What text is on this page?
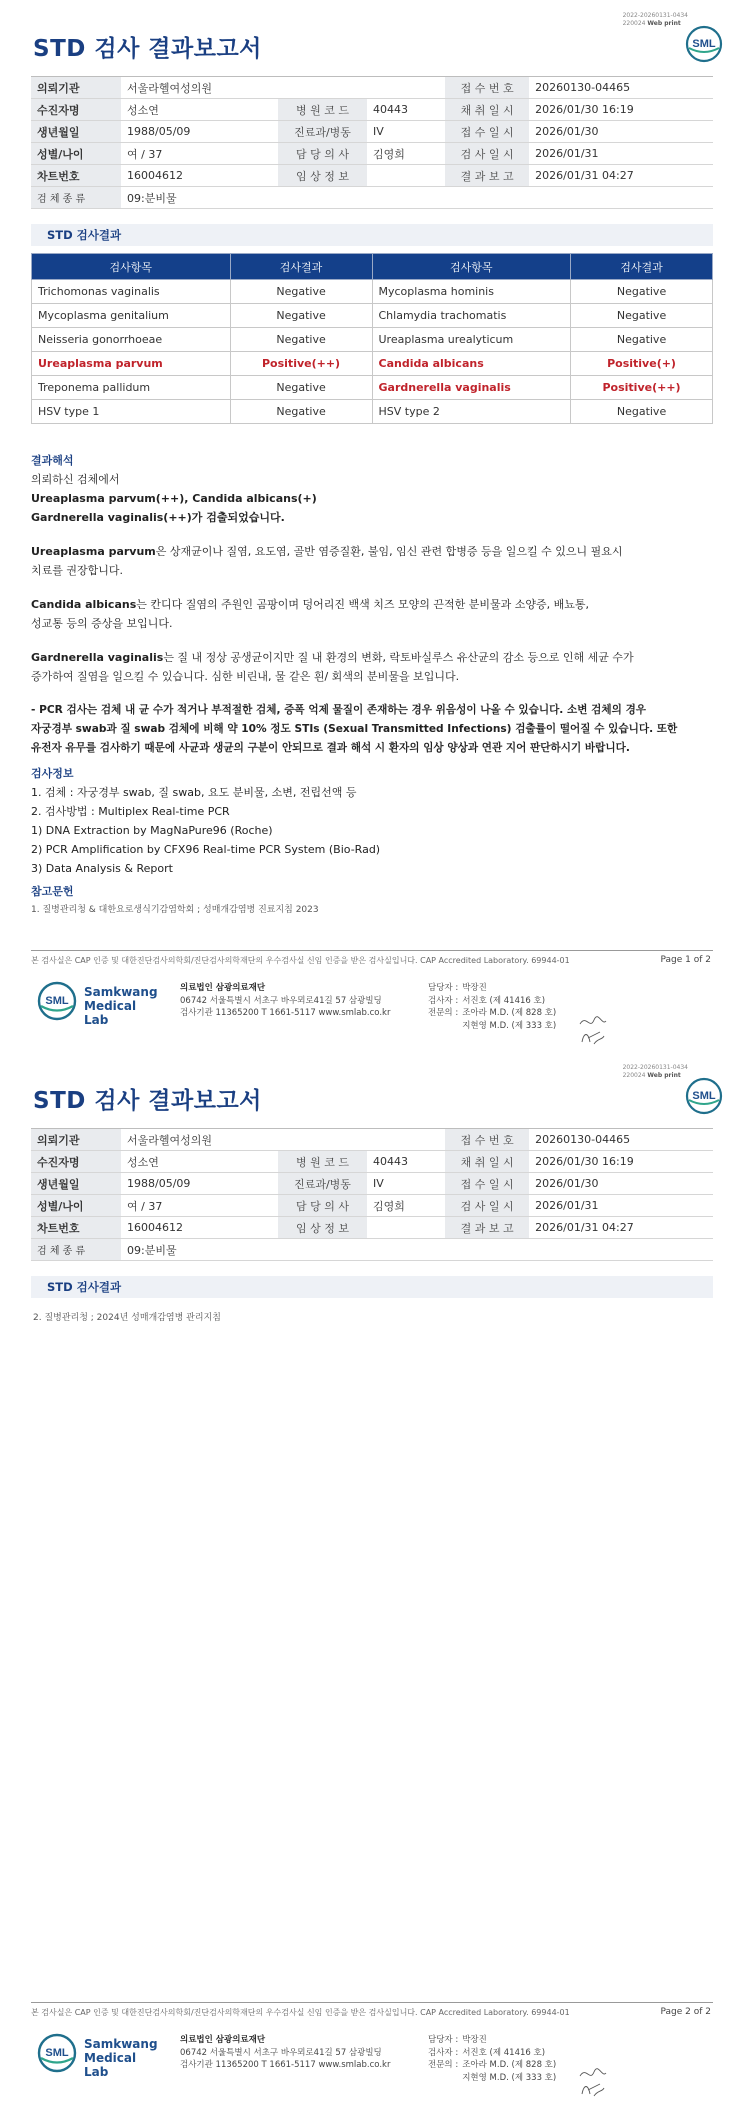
2022-20260131-0434
220024 Web print
STD 검사 결과보고서	SML
의뢰기관	서울라헬여성의원			접 수 번 호	20260130-04465
수진자명	성소연	병 원 코 드	40443	채 취 일 시	2026/01/30 16:19
생년월일	1988/05/09	진료과/병동	IV	접 수 일 시	2026/01/30
성별/나이	여 / 37	담 당 의 사	김영희	검 사 일 시	2026/01/31
차트번호	16004612	임 상 정 보		결 과 보 고	2026/01/31 04:27
검 체 종 류	09:분비물				
STD 검사결과
검사항목	검사결과	검사항목	검사결과
Trichomonas vaginalis	Negative	Mycoplasma hominis	Negative
Mycoplasma genitalium	Negative	Chlamydia trachomatis	Negative
Neisseria gonorrhoeae	Negative	Ureaplasma urealyticum	Negative
Ureaplasma parvum	Positive(++)	Candida albicans	Positive(+)
Treponema pallidum	Negative	Gardnerella vaginalis	Positive(++)
HSV type 1	Negative	HSV type 2	Negative

결과해석

의뢰하신 검체에서

Ureaplasma parvum(++), Candida albicans(+)

Gardnerella vaginalis(++)가 검출되었습니다.

Ureaplasma parvum은 상재균이나 질염, 요도염, 골반 염증질환, 불임, 임신 관련 합병증 등을 일으킬 수 있으니 필요시

치료를 권장합니다.

Candida albicans는 칸디다 질염의 주원인 곰팡이며 덩어리진 백색 치즈 모양의 끈적한 분비물과 소양증, 배뇨통,

성교통 등의 증상을 보입니다.

Gardnerella vaginalis는 질 내 정상 공생균이지만 질 내 환경의 변화, 락토바실루스 유산균의 감소 등으로 인해 세균 수가

증가하여 질염을 일으킬 수 있습니다. 심한 비린내, 물 같은 흰/ 회색의 분비물을 보입니다.

- PCR 검사는 검체 내 균 수가 적거나 부적절한 검체, 증폭 억제 물질이 존재하는 경우 위음성이 나올 수 있습니다. 소변 검체의 경우

자궁경부 swab과 질 swab 검체에 비해 약 10% 정도 STIs (Sexual Transmitted Infections) 검출률이 떨어질 수 있습니다. 또한

유전자 유무를 검사하기 때문에 사균과 생균의 구분이 안되므로 결과 해석 시 환자의 임상 양상과 연관 지어 판단하시기 바랍니다.

검사정보

1. 검체 : 자궁경부 swab, 질 swab, 요도 분비물, 소변, 전립선액 등

2. 검사방법 : Multiplex Real-time PCR

1) DNA Extraction by MagNaPure96 (Roche)

2) PCR Amplification by CFX96 Real-time PCR System (Bio-Rad)

3) Data Analysis & Report

참고문헌

1. 질병관리청 & 대한요로생식기감염학회 ; 성매개감염병 진료지침 2023

본 검사실은 CAP 인증 및 대한진단검사의학회/진단검사의학재단의 우수검사실 신임 인증을 받은 검사실입니다. CAP Accredited Laboratory. 69944-01	Page 1 of 2
SML
Samkwang
Medical Lab
의료법인 삼광의료재단
06742 서울특별시 서초구 바우뫼로41길 57 삼광빌딩
검사기관 11365200 T 1661-5117 www.smlab.co.kr
담당자 :	박장진
검사자 :	서진호 (제 41416 호)
전문의 :	조아라 M.D. (제 828 호)
	지현영 M.D. (제 333 호)
2022-20260131-0434
220024 Web print
STD 검사 결과보고서	SML
의뢰기관	서울라헬여성의원			접 수 번 호	20260130-04465
수진자명	성소연	병 원 코 드	40443	채 취 일 시	2026/01/30 16:19
생년월일	1988/05/09	진료과/병동	IV	접 수 일 시	2026/01/30
성별/나이	여 / 37	담 당 의 사	김영희	검 사 일 시	2026/01/31
차트번호	16004612	임 상 정 보		결 과 보 고	2026/01/31 04:27
검 체 종 류	09:분비물				
STD 검사결과
2. 질병관리청 ; 2024년 성매개감염병 관리지침
본 검사실은 CAP 인증 및 대한진단검사의학회/진단검사의학재단의 우수검사실 신임 인증을 받은 검사실입니다. CAP Accredited Laboratory. 69944-01	Page 2 of 2
SML
Samkwang
Medical Lab
의료법인 삼광의료재단
06742 서울특별시 서초구 바우뫼로41길 57 삼광빌딩
검사기관 11365200 T 1661-5117 www.smlab.co.kr
담당자 :	박장진
검사자 :	서진호 (제 41416 호)
전문의 :	조아라 M.D. (제 828 호)
	지현영 M.D. (제 333 호)
